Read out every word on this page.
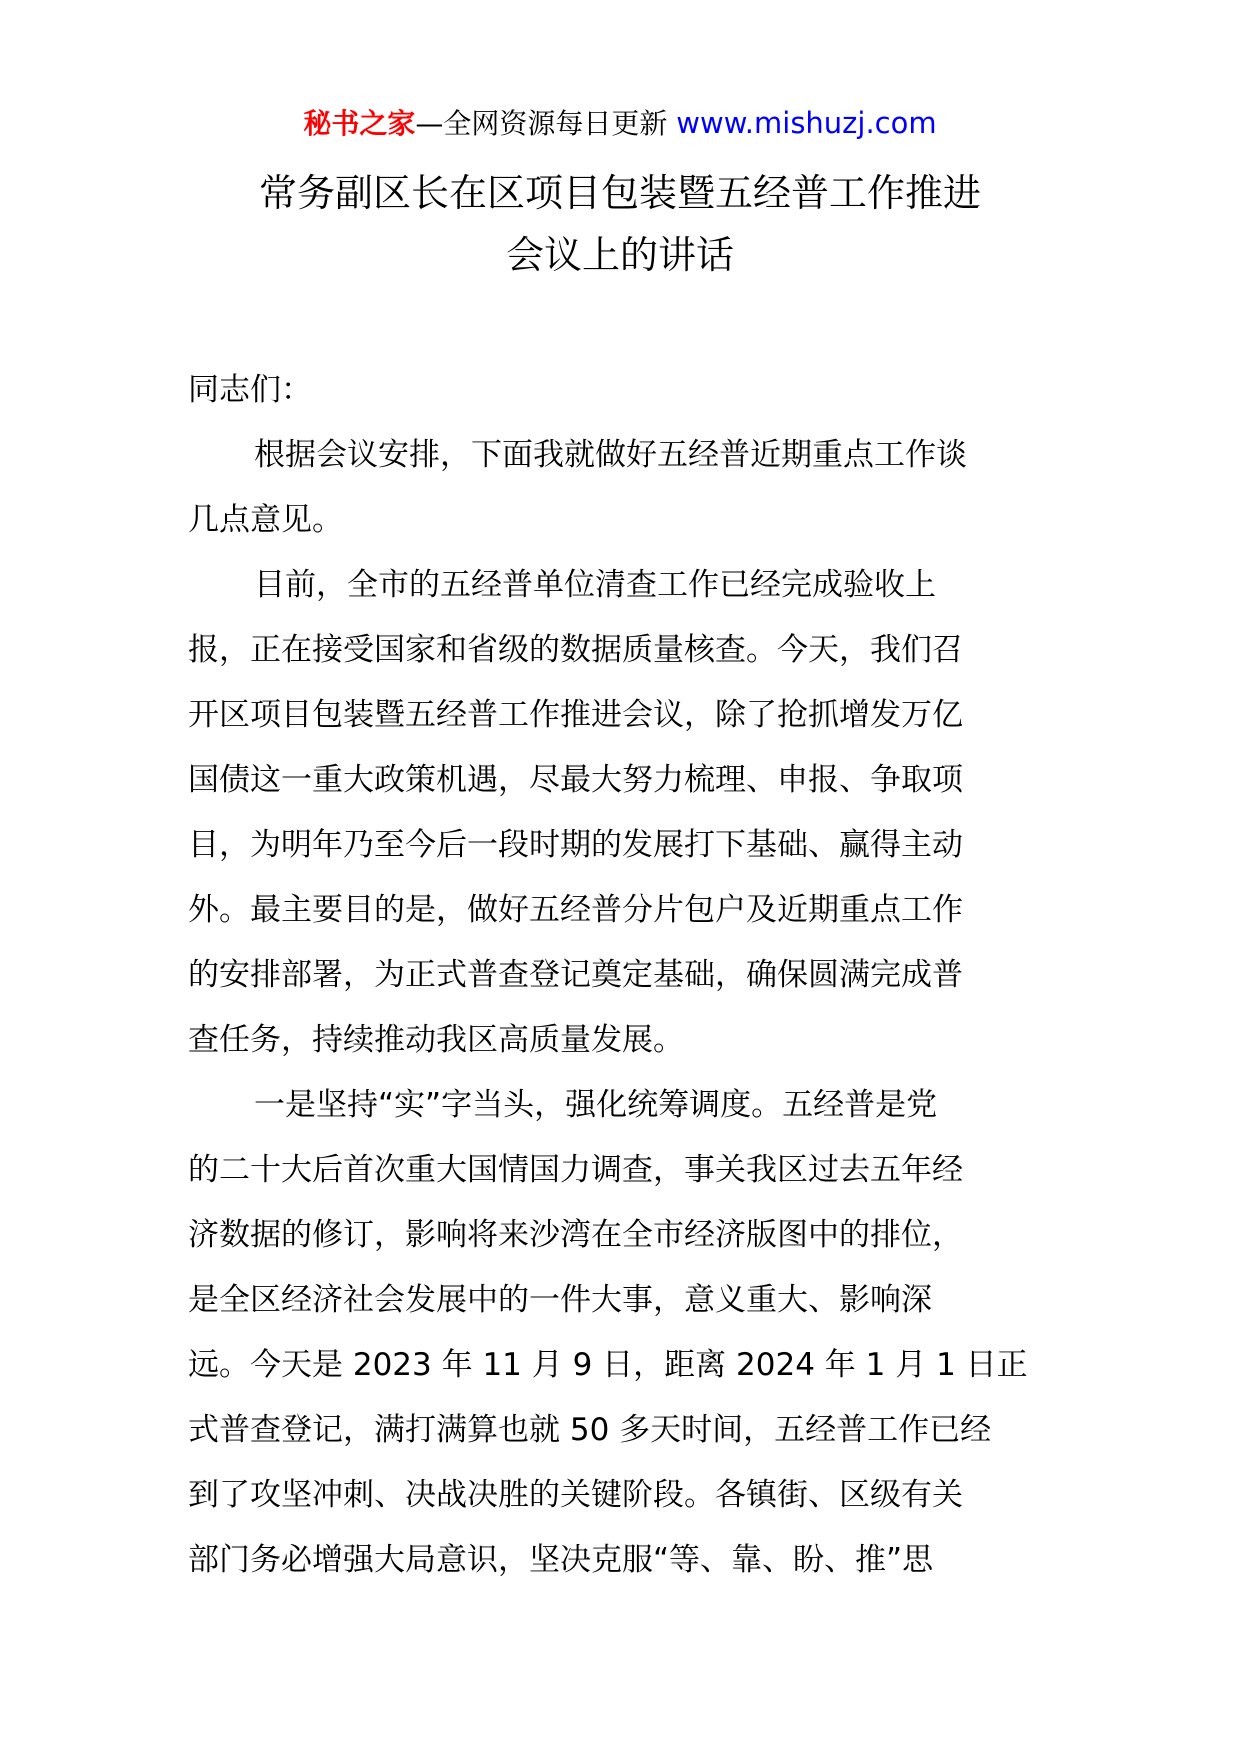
秘书之家—全网资源每日更新 www.mishuzj.com
常务副区长在区项目包装暨五经普工作推进
会议上的讲话
同志们：
根据会议安排，下面我就做好五经普近期重点工作谈
几点意见。
目前，全市的五经普单位清查工作已经完成验收上
报，正在接受国家和省级的数据质量核查。今天，我们召
开区项目包装暨五经普工作推进会议，除了抢抓增发万亿
国债这一重大政策机遇，尽最大努力梳理、申报、争取项
目，为明年乃至今后一段时期的发展打下基础、赢得主动
外。最主要目的是，做好五经普分片包户及近期重点工作
的安排部署，为正式普查登记奠定基础，确保圆满完成普
查任务，持续推动我区高质量发展。
一是坚持“实”字当头，强化统筹调度。五经普是党
的二十大后首次重大国情国力调查，事关我区过去五年经
济数据的修订，影响将来沙湾在全市经济版图中的排位，
是全区经济社会发展中的一件大事，意义重大、影响深
远。今天是 2023 年 11 月 9 日，距离 2024 年 1 月 1 日正
式普查登记，满打满算也就 50 多天时间，五经普工作已经
到了攻坚冲刺、决战决胜的关键阶段。各镇街、区级有关
部门务必增强大局意识，坚决克服“等、靠、盼、推”思
